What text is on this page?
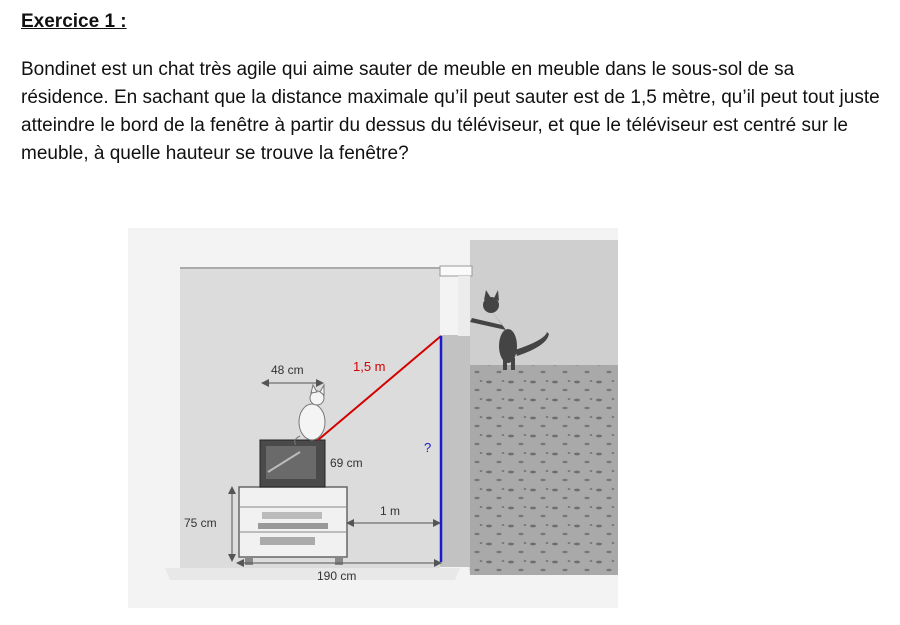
Exercice 1 :

Bondinet est un chat très agile qui aime sauter de meuble en meuble dans le sous-sol de sa résidence. En sachant que la distance maximale qu’il peut sauter est de 1,5 mètre, qu’il peut tout juste atteindre le bord de la fenêtre à partir du dessus du téléviseur, et que le téléviseur est centré sur le meuble, à quelle hauteur se trouve la fenêtre?

48 cm	1,5 m
69 cm
?
75 cm
1 m
190 cm
